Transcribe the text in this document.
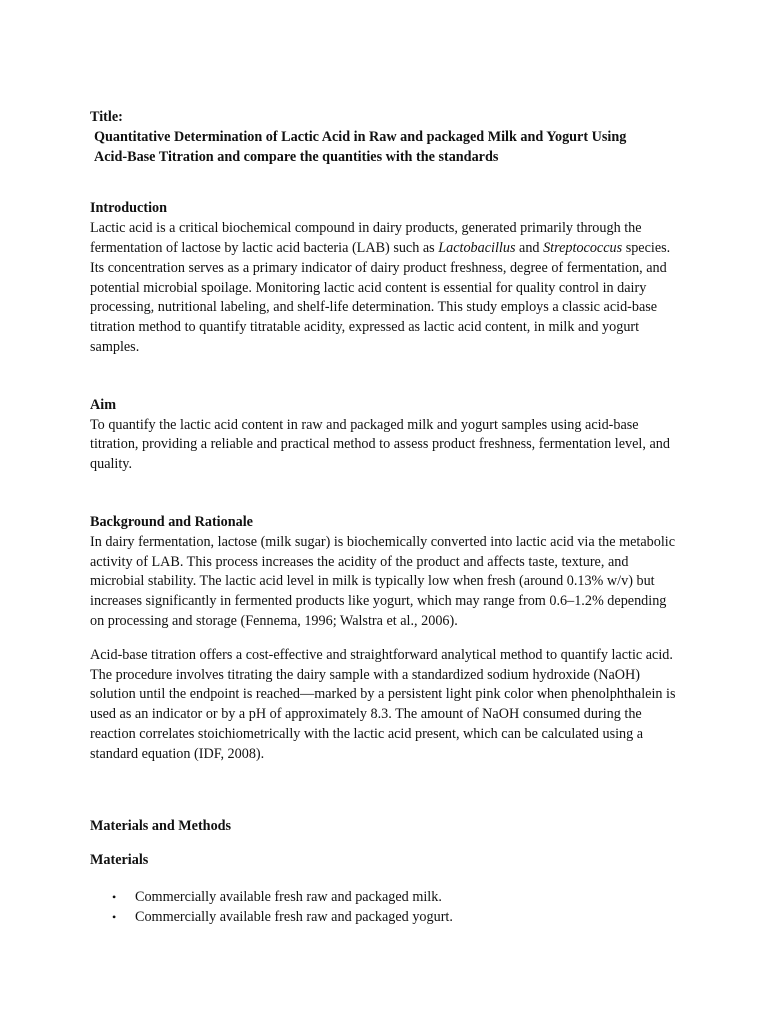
Title:

Quantitative Determination of Lactic Acid in Raw and packaged Milk and Yogurt Using

Acid-Base Titration and compare the quantities with the standards

Introduction

Lactic acid is a critical biochemical compound in dairy products, generated primarily through the fermentation of lactose by lactic acid bacteria (LAB) such as Lactobacillus and Streptococcus species. Its concentration serves as a primary indicator of dairy product freshness, degree of fermentation, and potential microbial spoilage. Monitoring lactic acid content is essential for quality control in dairy processing, nutritional labeling, and shelf-life determination. This study employs a classic acid-base titration method to quantify titratable acidity, expressed as lactic acid content, in milk and yogurt samples.

Aim

To quantify the lactic acid content in raw and packaged milk and yogurt samples using acid-base titration, providing a reliable and practical method to assess product freshness, fermentation level, and quality.

Background and Rationale

In dairy fermentation, lactose (milk sugar) is biochemically converted into lactic acid via the metabolic activity of LAB. This process increases the acidity of the product and affects taste, texture, and microbial stability. The lactic acid level in milk is typically low when fresh (around 0.13% w/v) but increases significantly in fermented products like yogurt, which may range from 0.6–1.2% depending on processing and storage (Fennema, 1996; Walstra et al., 2006).

Acid-base titration offers a cost-effective and straightforward analytical method to quantify lactic acid. The procedure involves titrating the dairy sample with a standardized sodium hydroxide (NaOH) solution until the endpoint is reached—marked by a persistent light pink color when phenolphthalein is used as an indicator or by a pH of approximately 8.3. The amount of NaOH consumed during the reaction correlates stoichiometrically with the lactic acid present, which can be calculated using a standard equation (IDF, 2008).

Materials and Methods

Materials

• Commercially available fresh raw and packaged milk.
• Commercially available fresh raw and packaged yogurt.
